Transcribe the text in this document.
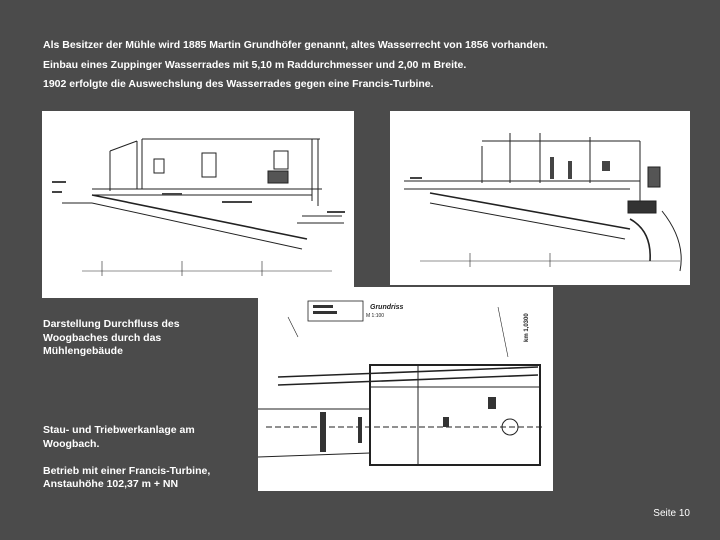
Als Besitzer der Mühle wird 1885 Martin Grundhöfer genannt, altes Wasserrecht von 1856 vorhanden.

Einbau eines Zuppinger Wasserrades mit 5,10 m Raddurchmesser und 2,00 m Breite.

1902 erfolgte die Auswechslung des Wasserrades gegen eine Francis-Turbine.

Grundriss
M 1:100	km 1,0300

Darstellung Durchfluss des

Woogbaches durch das

Mühlengebäude

Stau- und Triebwerkanlage am

Woogbach.

Betrieb mit einer Francis-Turbine,

Anstauhöhe 102,37 m + NN

Seite 10
